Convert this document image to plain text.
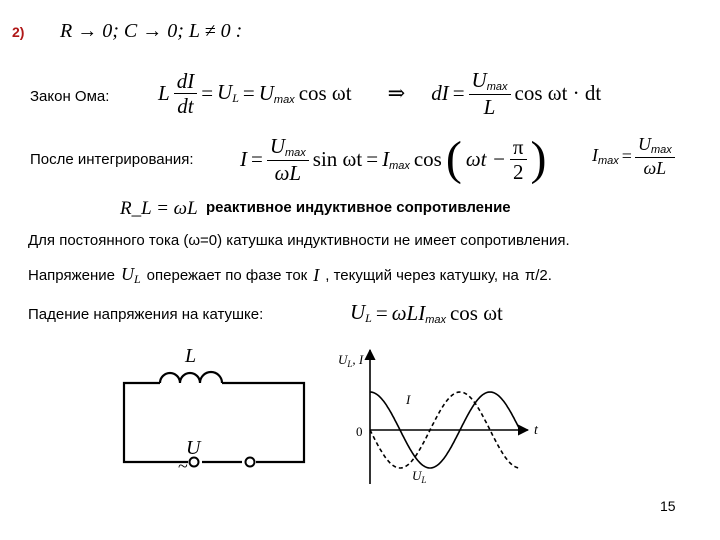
2) R → 0; C → 0; L ≠ 0 :
Закон Ома: L $\frac{dI}{dt} = U_L = Umax$ cos ωt ⇒ dI = $\frac{Umax}{L}$ cos ωt · dt
После интегрирования: $I = \frac{Umax}{\omega L}$ sin ωt = Imax cos ( $\omega t - \frac{\pi}{2}$ )	$Imax = \frac{Umax}{\omega L}$
R_L = ωL реактивное индуктивное сопротивление
Для постоянного тока (ω=0) катушка индуктивности не имеет сопротивления.
Напряжение $U_L$ опережает по фазе ток I , текущий через катушку, на π/2.
Падение напряжения на катушке:	$U_L = \omega LImax$ cos ωt
L
U
~
$U_L$, I
t
0
I
$U_L$
15
